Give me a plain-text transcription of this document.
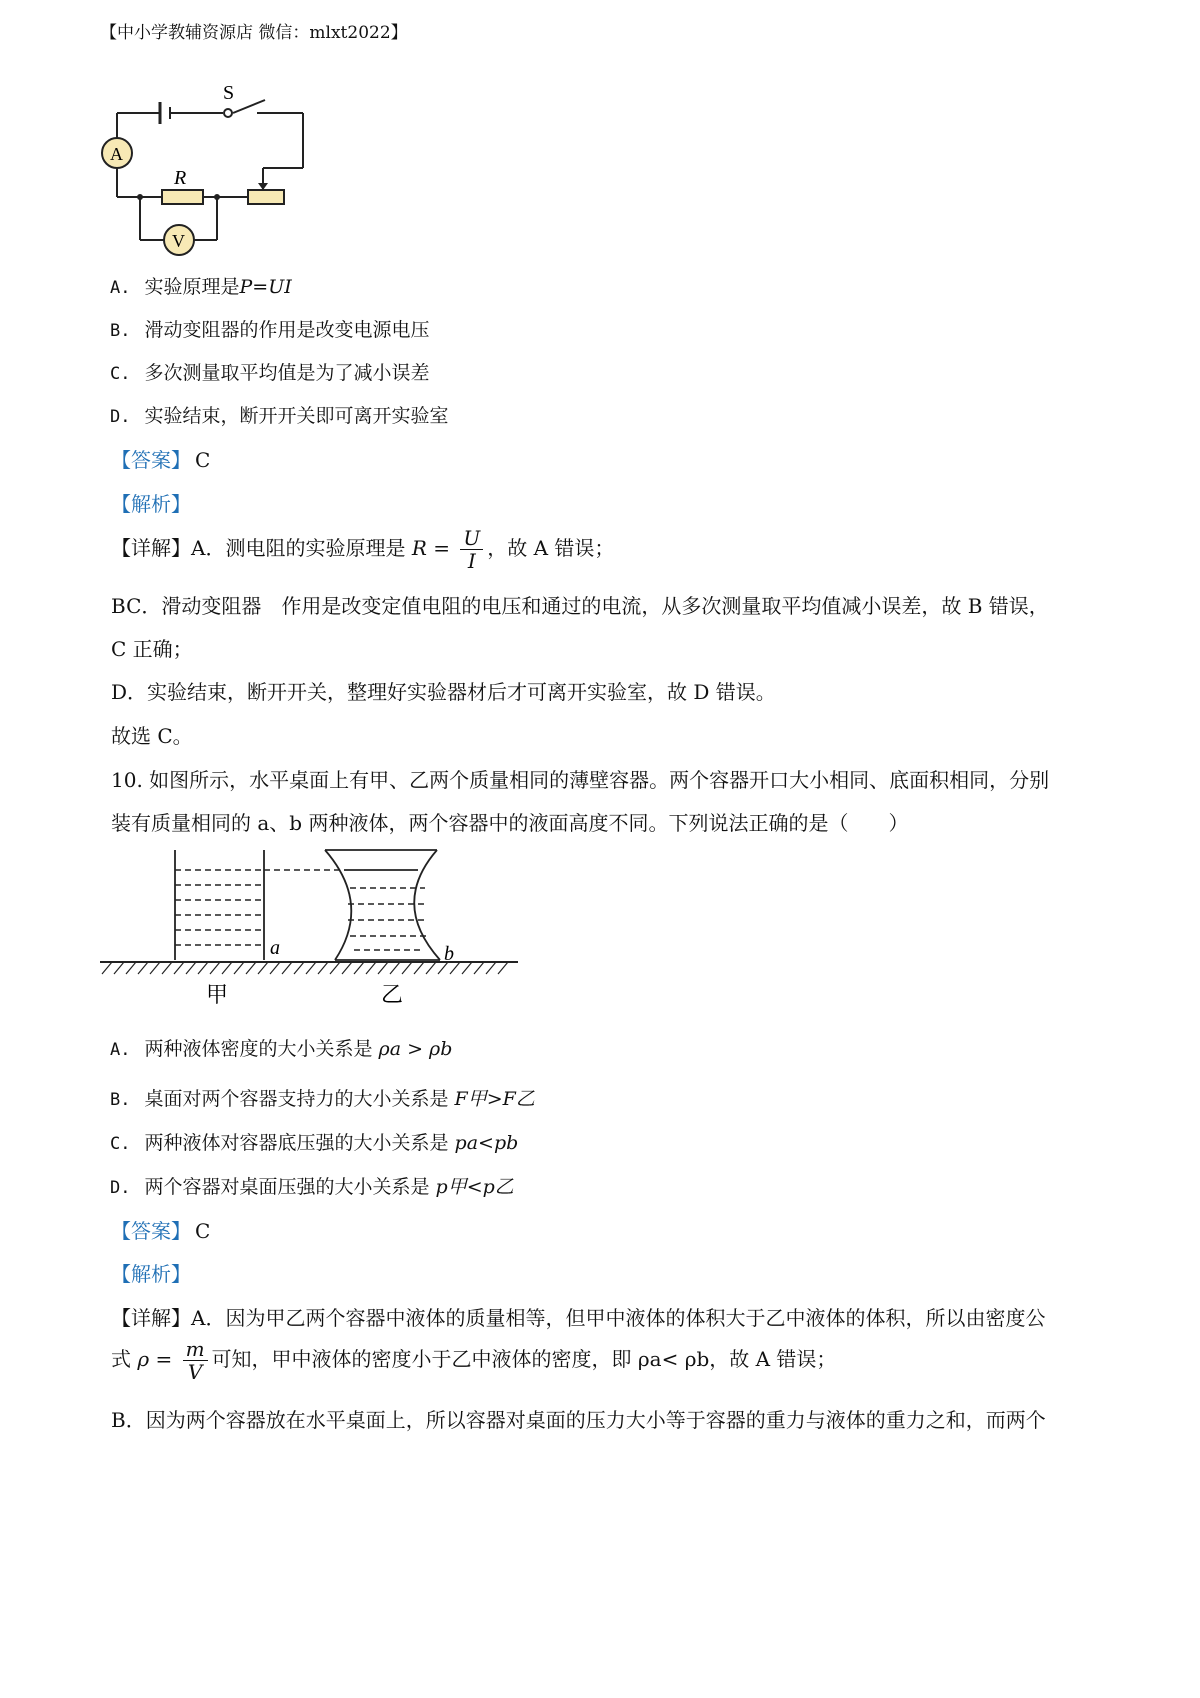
【中小学教辅资源店 微信：mlxt2022】
S
A
V
R
A. 实验原理是P=UI
B. 滑动变阻器的作用是改变电源电压
C. 多次测量取平均值是为了减小误差
D. 实验结束，断开开关即可离开实验室
【答案】 C
【解析】
【详解】A．测电阻的实验原理是 $R = \frac{U}{I}$ ，故 A 错误；
BC．滑动变阻器　作用是改变定值电阻的电压和通过的电流，从多次测量取平均值减小误差，故 B 错误，
C 正确；
D．实验结束，断开开关，整理好实验器材后才可离开实验室，故 D 错误。
故选 C。
10. 如图所示，水平桌面上有甲、乙两个质量相同的薄壁容器。两个容器开口大小相同、底面积相同，分别
装有质量相同的 a、b 两种液体，两个容器中的液面高度不同。下列说法正确的是（　　）
a	b
甲	乙
A. 两种液体密度的大小关系是 ρa > ρb
B. 桌面对两个容器支持力的大小关系是 F甲>F乙
C. 两种液体对容器底压强的大小关系是 pa<pb
D. 两个容器对桌面压强的大小关系是 p甲<p乙
【答案】 C
【解析】
【详解】A．因为甲乙两个容器中液体的质量相等，但甲中液体的体积大于乙中液体的体积，所以由密度公
式 $\rho = \frac{m}{V}$ 可知，甲中液体的密度小于乙中液体的密度，即 ρa< ρb，故 A 错误；
B．因为两个容器放在水平桌面上，所以容器对桌面的压力大小等于容器的重力与液体的重力之和，而两个
